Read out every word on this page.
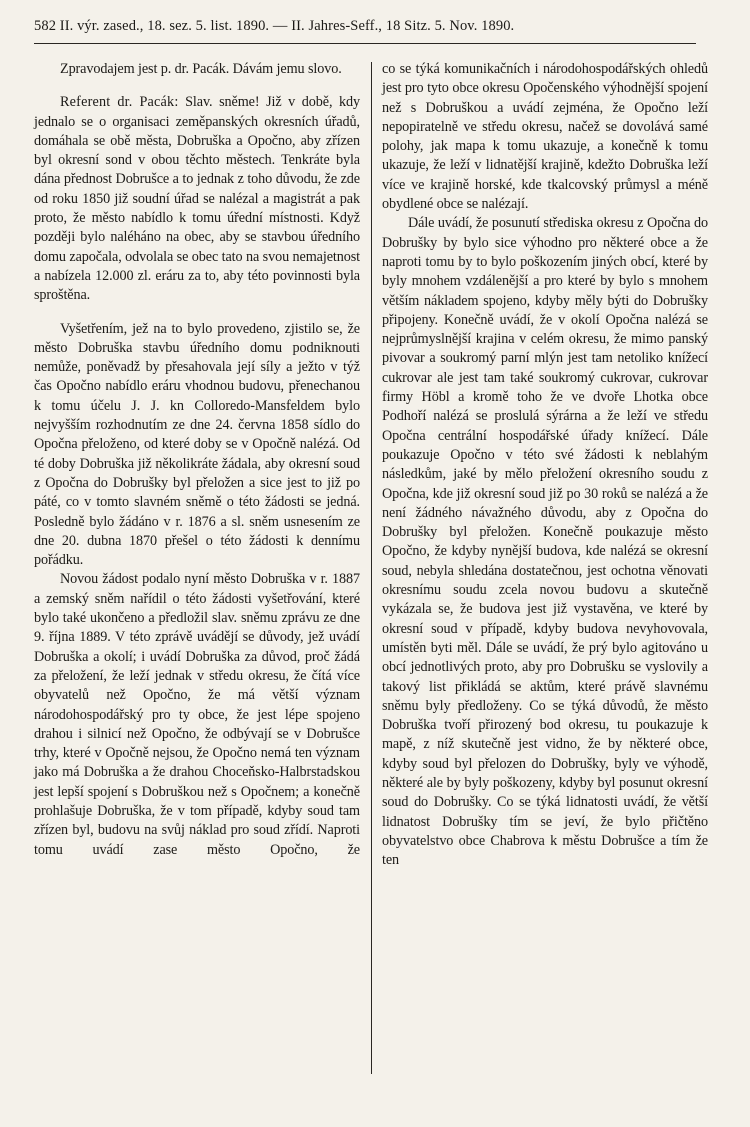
582 II. výr. zased., 18. sez. 5. list. 1890. — II. Jahres-Seff., 18 Sitz. 5. Nov. 1890.

Zpravodajem jest p. dr. Pacák. Dávám jemu slovo.

Referent dr. Pacák: Slav. sněme! Již v době, kdy jednalo se o organisaci zeměpanských okresních úřadů, domáhala se obě města, Dobruška a Opočno, aby zřízen byl okresní sond v obou těchto městech. Tenkráte byla dána přednost Dobrušce a to jednak z toho důvodu, že zde od roku 1850 již soudní úřad se nalézal a magistrát a pak proto, že město nabídlo k tomu úřední místnosti. Když později bylo naléháno na obec, aby se stavbou úředního domu započala, odvolala se obec tato na svou nemajetnost a nabízela 12.000 zl. eráru za to, aby této povinnosti byla sproštěna.

Vyšetřením, jež na to bylo provedeno, zjistilo se, že město Dobruška stavbu úředního domu podniknouti nemůže, poněvadž by přesahovala její síly a ježto v týž čas Opočno nabídlo eráru vhodnou budovu, přenechanou k tomu účelu J. J. kn Colloredo-Mansfeldem bylo nejvyšším rozhodnutím ze dne 24. června 1858 sídlo do Opočna přeloženo, od které doby se v Opočně nalézá. Od té doby Dobruška již několikráte žádala, aby okresní soud z Opočna do Dobrušky byl přeložen a sice jest to již po páté, co v tomto slavném sněmě o této žádosti se jedná. Posledně bylo žádáno v r. 1876 a sl. sněm usnesením ze dne 20. dubna 1870 přešel o této žádosti k dennímu pořádku.

Novou žádost podalo nyní město Dobruška v r. 1887 a zemský sněm nařídil o této žádosti vyšetřování, které bylo také ukončeno a předložil slav. sněmu zprávu ze dne 9. října 1889. V této zprávě uvádějí se důvody, jež uvádí Dobruška a okolí; i uvádí Dobruška za důvod, proč žádá za přeložení, že leží jednak v středu okresu, že čítá více obyvatelů než Opočno, že má větší význam národohospodářský pro ty obce, že jest lépe spojeno drahou i silnicí než Opočno, že odbývají se v Dobrušce trhy, které v Opočně nejsou, že Opočno nemá ten význam jako má Dobruška a že drahou Choceňsko-Halbrstadskou jest lepší spojení s Dobruškou než s Opočnem; a konečně prohlašuje Dobruška, že v tom případě, kdyby soud tam zřízen byl, budovu na svůj náklad pro soud zřídí. Naproti tomu uvádí zase město Opočno, že

co se týká komunikačních i národohospodářských ohledů jest pro tyto obce okresu Opočenského výhodnější spojení než s Dobruškou a uvádí zejména, že Opočno leží nepopiratelně ve středu okresu, načež se dovolává samé polohy, jak mapa k tomu ukazuje, a konečně k tomu ukazuje, že leží v lidnatější krajině, kdežto Dobruška leží více ve krajině horské, kde tkalcovský průmysl a méně obydlené obce se nalézají.

Dále uvádí, že posunutí střediska okresu z Opočna do Dobrušky by bylo sice výhodno pro některé obce a že naproti tomu by to bylo poškozením jiných obcí, které by byly mnohem vzdálenější a pro které by bylo s mnohem větším nákladem spojeno, kdyby měly býti do Dobrušky připojeny. Konečně uvádí, že v okolí Opočna nalézá se nejprůmyslnější krajina v celém okresu, že mimo panský pivovar a soukromý parní mlýn jest tam netoliko knížecí cukrovar ale jest tam také soukromý cukrovar, cukrovar firmy Höbl a kromě toho že ve dvoře Lhotka obce Podhoří nalézá se proslulá sýrárna a že leží ve středu Opočna centrální hospodářské úřady knížecí. Dále poukazuje Opočno v této své žádosti k neblahým následkům, jaké by mělo přeložení okresního soudu z Opočna, kde již okresní soud již po 30 roků se nalézá a že není žádného návažného důvodu, aby z Opočna do Dobrušky byl přeložen. Konečně poukazuje město Opočno, že kdyby nynější budova, kde nalézá se okresní soud, nebyla shledána dostatečnou, jest ochotna věnovati okresnímu soudu zcela novou budovu a skutečně vykázala se, že budova jest již vystavěna, ve které by okresní soud v případě, kdyby budova nevyhovovala, umístěn byti měl. Dále se uvádí, že prý bylo agitováno u obcí jednotlivých proto, aby pro Dobrušku se vyslovily a takový list přikládá se aktům, které právě slavnému sněmu byly předloženy. Co se týká důvodů, že město Dobruška tvoří přirozený bod okresu, tu poukazuje k mapě, z níž skutečně jest vidno, že by některé obce, kdyby soud byl přelozen do Dobrušky, byly ve výhodě, některé ale by byly poškozeny, kdyby byl posunut okresní soud do Dobrušky. Co se týká lidnatosti uvádí, že větší lidnatost Dobrušky tím se jeví, že bylo přičtěno obyvatelstvo obce Chabrova k městu Dobrušce a tím že ten
